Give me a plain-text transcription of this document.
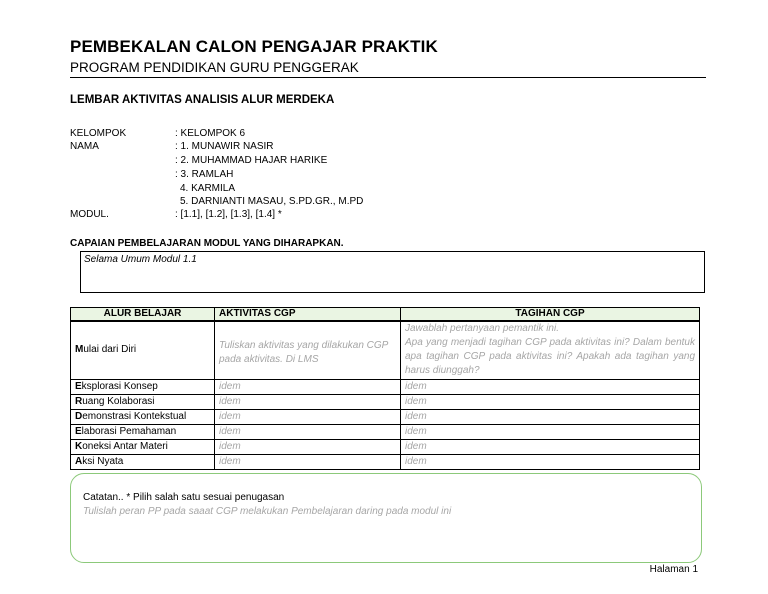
PEMBEKALAN CALON PENGAJAR PRAKTIK
PROGRAM PENDIDIKAN GURU PENGGERAK
LEMBAR AKTIVITAS ANALISIS ALUR MERDEKA
KELOMPOK	: KELOMPOK 6
NAMA	: 1. MUNAWIR NASIR
: 2. MUHAMMAD HAJAR HARIKE
: 3. RAMLAH
4. KARMILA
5. DARNIANTI MASAU, S.PD.GR., M.PD
MODUL.	: [1.1], [1.2], [1.3], [1.4] *
CAPAIAN PEMBELAJARAN MODUL YANG DIHARAPKAN.
Selama Umum Modul 1.1
ALUR BELAJAR	AKTIVITAS CGP	TAGIHAN CGP
Mulai dari Diri	Tuliskan aktivitas yang dilakukan CGP pada aktivitas. Di LMS	Jawablah pertanyaan pemantik ini.
Apa yang menjadi tagihan CGP pada aktivitas ini? Dalam bentuk apa tagihan CGP pada aktivitas ini? Apakah ada tagihan yang harus diunggah?

Eksplorasi Konsep	idem	idem
Ruang Kolaborasi	idem	idem
Demonstrasi Kontekstual	idem	idem
Elaborasi Pemahaman	idem	idem
Koneksi Antar Materi	idem	idem
Aksi Nyata	idem	idem
Catatan.. * Pilih salah satu sesuai penugasan
Tulislah peran PP pada saaat CGP melakukan Pembelajaran daring pada modul ini
Halaman 1
